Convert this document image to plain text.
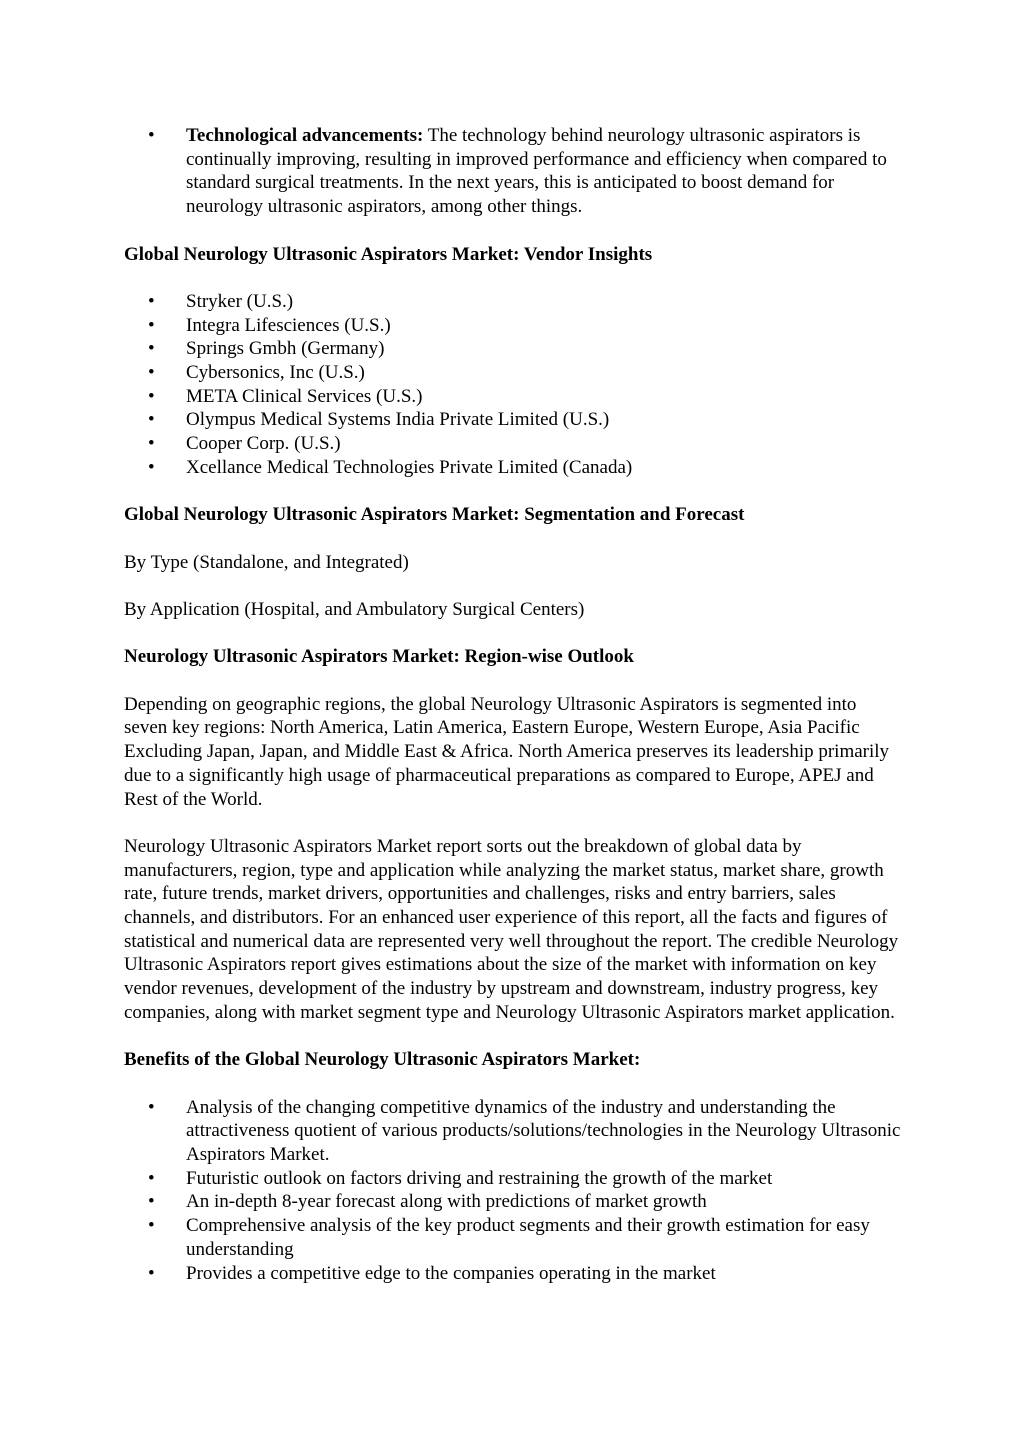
• Technological advancements: The technology behind neurology ultrasonic aspirators is continually improving, resulting in improved performance and efficiency when compared to standard surgical treatments. In the next years, this is anticipated to boost demand for neurology ultrasonic aspirators, among other things.
Global Neurology Ultrasonic Aspirators Market: Vendor Insights
• Stryker (U.S.)
• Integra Lifesciences (U.S.)
• Springs Gmbh (Germany)
• Cybersonics, Inc (U.S.)
• META Clinical Services (U.S.)
• Olympus Medical Systems India Private Limited (U.S.)
• Cooper Corp. (U.S.)
• Xcellance Medical Technologies Private Limited (Canada)
Global Neurology Ultrasonic Aspirators Market: Segmentation and Forecast

By Type (Standalone, and Integrated)

By Application (Hospital, and Ambulatory Surgical Centers)

Neurology Ultrasonic Aspirators Market: Region-wise Outlook

Depending on geographic regions, the global Neurology Ultrasonic Aspirators is segmented into seven key regions: North America, Latin America, Eastern Europe, Western Europe, Asia Pacific Excluding Japan, Japan, and Middle East & Africa. North America preserves its leadership primarily due to a significantly high usage of pharmaceutical preparations as compared to Europe, APEJ and Rest of the World.

Neurology Ultrasonic Aspirators Market report sorts out the breakdown of global data by manufacturers, region, type and application while analyzing the market status, market share, growth rate, future trends, market drivers, opportunities and challenges, risks and entry barriers, sales channels, and distributors. For an enhanced user experience of this report, all the facts and figures of statistical and numerical data are represented very well throughout the report. The credible Neurology Ultrasonic Aspirators report gives estimations about the size of the market with information on key vendor revenues, development of the industry by upstream and downstream, industry progress, key companies, along with market segment type and Neurology Ultrasonic Aspirators market application.

Benefits of the Global Neurology Ultrasonic Aspirators Market:
• Analysis of the changing competitive dynamics of the industry and understanding the attractiveness quotient of various products/solutions/technologies in the Neurology Ultrasonic Aspirators Market.
• Futuristic outlook on factors driving and restraining the growth of the market
• An in-depth 8-year forecast along with predictions of market growth
• Comprehensive analysis of the key product segments and their growth estimation for easy understanding
• Provides a competitive edge to the companies operating in the market
